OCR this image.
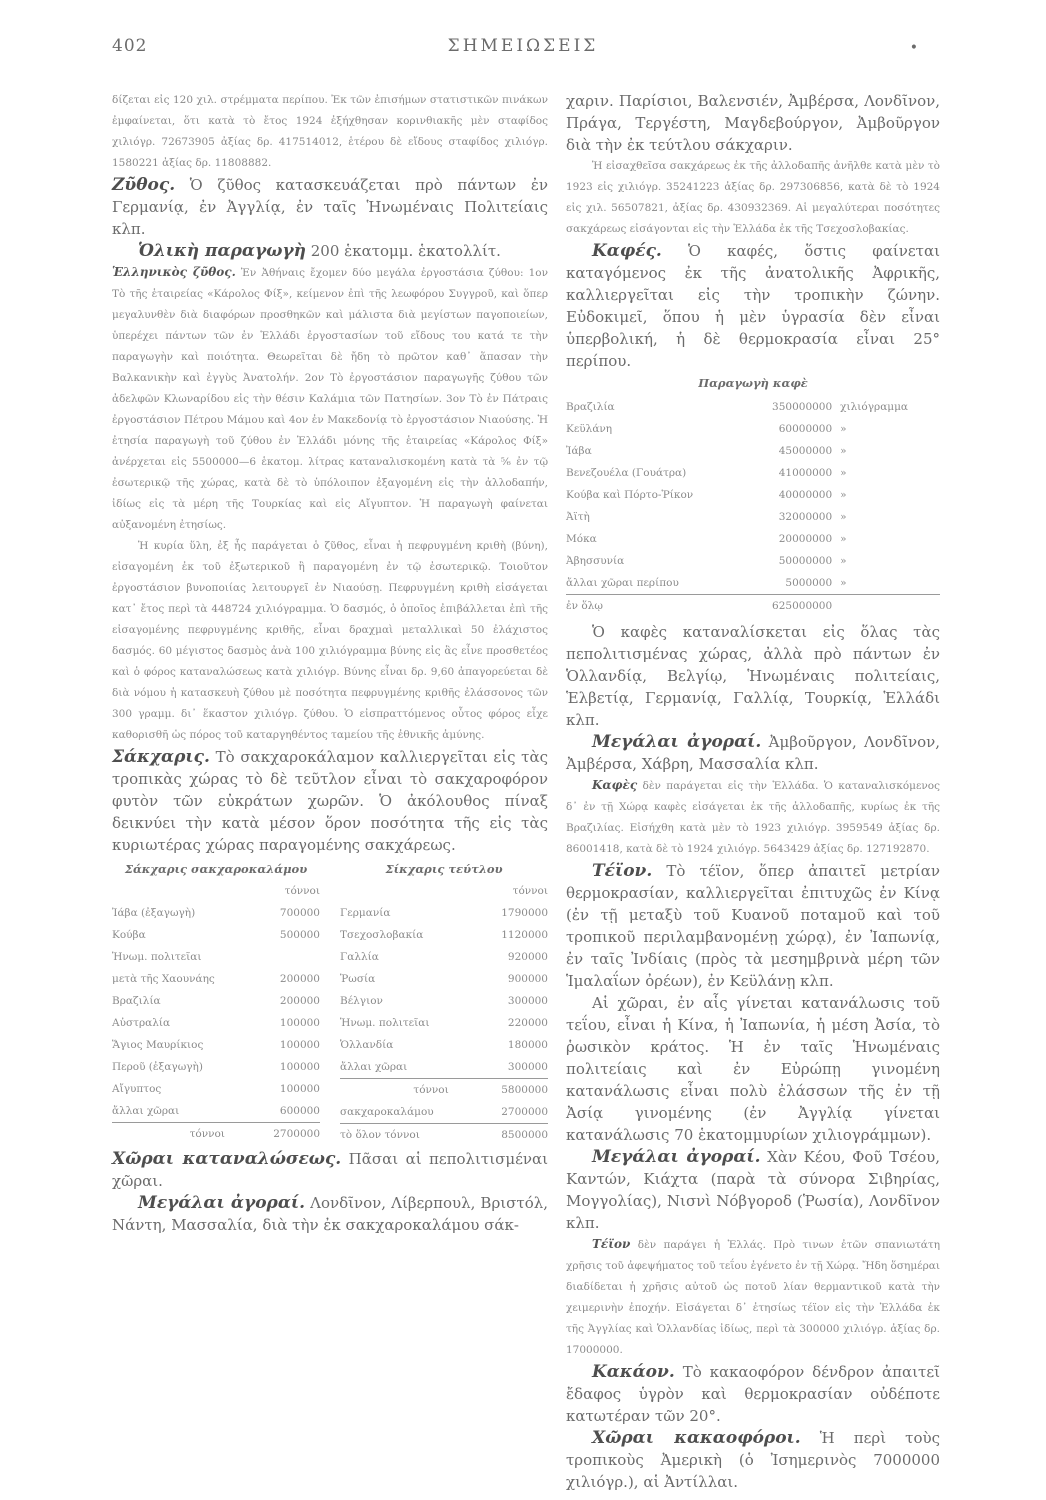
402	ΣΗΜΕΙΩΣΕΙΣ	•

δίζεται εἰς 120 χιλ. στρέμματα περίπου. Ἐκ τῶν ἐπισήμων στατιστικῶν πινάκων ἐμφαίνεται, ὅτι κατὰ τὸ ἔτος 1924 ἐξήχθησαν κορινθιακῆς μὲν σταφίδος χιλιόγρ. 72673905 ἀξίας δρ. 417514012, ἑτέρου δὲ εἴδους σταφίδος χιλιόγρ. 1580221 ἀξίας δρ. 11808882.

Ζῦθος. Ὁ ζῦθος κατασκευάζεται πρὸ πάντων ἐν Γερμανίᾳ, ἐν Ἀγγλίᾳ, ἐν ταῖς Ἡνωμέναις Πολιτείαις κλπ.

Ὁλικὴ παραγωγὴ 200 ἑκατομμ. ἑκατολλίτ.

Ἑλληνικὸς ζῦθος. Ἐν Ἀθήναις ἔχομεν δύο μεγάλα ἐργοστάσια ζύθου: 1ον Τὸ τῆς ἑταιρείας «Κάρολος Φίξ», κείμενον ἐπὶ τῆς λεωφόρου Συγγροῦ, καὶ ὅπερ μεγαλυνθὲν διὰ διαφόρων προσθηκῶν καὶ μάλιστα διὰ μεγίστων παγοποιείων, ὑπερέχει πάντων τῶν ἐν Ἑλλάδι ἐργοστασίων τοῦ εἴδους του κατά τε τὴν παραγωγὴν καὶ ποιότητα. Θεωρεῖται δὲ ἤδη τὸ πρῶτον καθ᾿ ἅπασαν τὴν Βαλκανικὴν καὶ ἐγγὺς Ἀνατολήν. 2ον Τὸ ἐργοστάσιον παραγωγῆς ζύθου τῶν ἀδελφῶν Κλωναρίδου εἰς τὴν θέσιν Καλάμια τῶν Πατησίων. 3ον Τὸ ἐν Πάτραις ἐργοστάσιον Πέτρου Μάμου καὶ 4ον ἐν Μακεδονίᾳ τὸ ἐργοστάσιον Νιαούσης. Ἡ ἐτησία παραγωγὴ τοῦ ζύθου ἐν Ἑλλάδι μόνης τῆς ἑταιρείας «Κάρολος Φίξ» ἀνέρχεται εἰς 5500000—6 ἑκατομ. λίτρας καταναλισκομένη κατὰ τὰ ⁵⁄₆ ἐν τῷ ἐσωτερικῷ τῆς χώρας, κατὰ δὲ τὸ ὑπόλοιπον ἐξαγομένη εἰς τὴν ἀλλοδαπήν, ἰδίως εἰς τὰ μέρη τῆς Τουρκίας καὶ εἰς Αἴγυπτον. Ἡ παραγωγὴ φαίνεται αὐξανομένη ἐτησίως.

Ἡ κυρία ὕλη, ἐξ ἧς παράγεται ὁ ζῦθος, εἶναι ἡ πεφρυγμένη κριθὴ (βύνη), εἰσαγομένη ἐκ τοῦ ἐξωτερικοῦ ἢ παραγομένη ἐν τῷ ἐσωτερικῷ. Τοιοῦτον ἐργοστάσιον βυνοποιίας λειτουργεῖ ἐν Νιαούσῃ. Πεφρυγμένη κριθὴ εἰσάγεται κατ᾿ ἔτος περὶ τὰ 448724 χιλιόγραμμα. Ὁ δασμός, ὁ ὁποῖος ἐπιβάλλεται ἐπὶ τῆς εἰσαγομένης πεφρυγμένης κριθῆς, εἶναι δραχμαὶ μεταλλικαὶ 50 ἐλάχιστος δασμός. 60 μέγιστος δασμὸς ἀνὰ 100 χιλιόγραμμα βύνης εἰς ἃς εἶνε προσθετέος καὶ ὁ φόρος καταναλώσεως κατὰ χιλιόγρ. Βύνης εἶναι δρ. 9,60 ἀπαγορεύεται δὲ διὰ νόμου ἡ κατασκευὴ ζύθου μὲ ποσότητα πεφρυγμένης κριθῆς ἐλάσσονος τῶν 300 γραμμ. δι᾿ ἕκαστον χιλιόγρ. ζύθου. Ὁ εἰσπραττόμενος οὗτος φόρος εἶχε καθορισθῆ ὡς πόρος τοῦ καταργηθέντος ταμείου τῆς ἐθνικῆς ἀμύνης.

Σάκχαρις. Τὸ σακχαροκάλαμον καλλιεργεῖται εἰς τὰς τροπικὰς χώρας τὸ δὲ τεῦτλον εἶναι τὸ σακχαροφόρον φυτὸν τῶν εὐκράτων χωρῶν. Ὁ ἀκόλουθος πίναξ δεικνύει τὴν κατὰ μέσον ὅρον ποσότητα τῆς εἰς τὰς κυριωτέρας χώρας παραγομένης σακχάρεως.

Σάκχαρις σακχαροκαλάμου
	τόννοι
Ἰάβα (ἐξαγωγὴ)	700000
Κούβα	500000
Ἡνωμ. πολιτεῖαι	
μετὰ τῆς Χαουνάης	200000
Βραζιλία	200000
Αὐστραλία	100000
Ἅγιος Μαυρίκιος	100000
Περοῦ (ἐξαγωγὴ)	100000
Αἴγυπτος	100000
ἄλλαι χῶραι	600000
τόννοι	2700000
Σίκχαρις τεύτλου
	τόννοι
Γερμανία	1790000
Τσεχοσλοβακία	1120000
Γαλλία	920000
Ῥωσία	900000
Βέλγιον	300000
Ἡνωμ. πολιτεῖαι	220000
Ὁλλανδία	180000
ἄλλαι χῶραι	300000
τόννοι	5800000
σακχαροκαλάμου	2700000
τὸ ὅλον τόννοι	8500000

Χῶραι καταναλώσεως. Πᾶσαι αἱ πεπολιτισμέναι χῶραι.

Μεγάλαι ἀγοραί. Λονδῖνον, Λίβερπουλ, Βριστόλ, Νάντη, Μασσαλία, διὰ τὴν ἐκ σακχαροκαλάμου σάκ-

χαριν. Παρίσιοι, Βαλενσιέν, Ἀμβέρσα, Λονδῖνον, Πράγα, Τεργέστη, Μαγδεβούργον, Ἀμβοῦργον διὰ τὴν ἐκ τεύτλου σάκχαριν.

Ἡ εἰσαχθεῖσα σακχάρεως ἐκ τῆς ἀλλοδαπῆς ἀνῆλθε κατὰ μὲν τὸ 1923 εἰς χιλιόγρ. 35241223 ἀξίας δρ. 297306856, κατὰ δὲ τὸ 1924 εἰς χιλ. 56507821, ἀξίας δρ. 430932369. Αἱ μεγαλύτεραι ποσότητες σακχάρεως εἰσάγονται εἰς τὴν Ἑλλάδα ἐκ τῆς Τσεχοσλοβακίας.

Καφές. Ὁ καφές, ὅστις φαίνεται καταγόμενος ἐκ τῆς ἀνατολικῆς Ἀφρικῆς, καλλιεργεῖται εἰς τὴν τροπικὴν ζώνην. Εὐδοκιμεῖ, ὅπου ἡ μὲν ὑγρασία δὲν εἶναι ὑπερβολική, ἡ δὲ θερμοκρασία εἶναι 25° περίπου.

Παραγωγὴ καφὲ
Βραζιλία	350000000	χιλιόγραμμα
Κεϋλάνη	60000000	»
Ἰάβα	45000000	»
Βενεζουέλα (Γουάτρα)	41000000	»
Κούβα καὶ Πόρτο-Ῥίκον	40000000	»
Ἀϊτὴ	32000000	»
Μόκα	20000000	»
Ἀβησσυνία	50000000	»
ἄλλαι χῶραι περίπου	5000000	»
ἐν ὅλῳ	625000000	

Ὁ καφὲς καταναλίσκεται εἰς ὅλας τὰς πεπολιτισμένας χώρας, ἀλλὰ πρὸ πάντων ἐν Ὁλλανδίᾳ, Βελγίῳ, Ἡνωμέναις πολιτείαις, Ἑλβετίᾳ, Γερμανίᾳ, Γαλλίᾳ, Τουρκίᾳ, Ἑλλάδι κλπ.

Μεγάλαι ἀγοραί. Ἀμβοῦργον, Λονδῖνον, Ἀμβέρσα, Χάβρη, Μασσαλία κλπ.

Καφὲς δὲν παράγεται εἰς τὴν Ἑλλάδα. Ὁ καταναλισκόμενος δ᾿ ἐν τῇ Χώρᾳ καφὲς εἰσάγεται ἐκ τῆς ἀλλοδαπῆς, κυρίως ἐκ τῆς Βραζιλίας. Εἰσήχθη κατὰ μὲν τὸ 1923 χιλιόγρ. 3959549 ἀξίας δρ. 86001418, κατὰ δὲ τὸ 1924 χιλιόγρ. 5643429 ἀξίας δρ. 127192870.

Τέϊον. Τὸ τέϊον, ὅπερ ἀπαιτεῖ μετρίαν θερμοκρασίαν, καλλιεργεῖται ἐπιτυχῶς ἐν Κίνᾳ (ἐν τῇ μεταξὺ τοῦ Κυανοῦ ποταμοῦ καὶ τοῦ τροπικοῦ περιλαμβανομένῃ χώρᾳ), ἐν Ἰαπωνίᾳ, ἐν ταῖς Ἰνδίαις (πρὸς τὰ μεσημβρινὰ μέρη τῶν Ἱμαλαΐων ὀρέων), ἐν Κεϋλάνῃ κλπ.

Αἱ χῶραι, ἐν αἷς γίνεται κατανάλωσις τοῦ τεΐου, εἶναι ἡ Κίνα, ἡ Ἰαπωνία, ἡ μέση Ἀσία, τὸ ῥωσικὸν κράτος. Ἡ ἐν ταῖς Ἡνωμέναις πολιτείαις καὶ ἐν Εὐρώπῃ γινομένη κατανάλωσις εἶναι πολὺ ἐλάσσων τῆς ἐν τῇ Ἀσίᾳ γινομένης (ἐν Ἀγγλίᾳ γίνεται κατανάλωσις 70 ἑκατομμυρίων χιλιογράμμων).

Μεγάλαι ἀγοραί. Χὰν Κέου, Φοῦ Τσέου, Καντών, Κιάχτα (παρὰ τὰ σύνορα Σιβηρίας, Μογγολίας), Νισνὶ Νόβγοροδ (Ῥωσία), Λονδῖνον κλπ.

Τέϊον δὲν παράγει ἡ Ἑλλάς. Πρὸ τινων ἐτῶν σπανιωτάτη χρῆσις τοῦ ἀφεψήματος τοῦ τεΐου ἐγένετο ἐν τῇ Χώρᾳ. Ἤδη ὅσημέραι διαδίδεται ἡ χρῆσις αὐτοῦ ὡς ποτοῦ λίαν θερμαντικοῦ κατὰ τὴν χειμερινὴν ἐποχήν. Εἰσάγεται δ᾿ ἐτησίως τέϊον εἰς τὴν Ἑλλάδα ἐκ τῆς Ἀγγλίας καὶ Ὁλλανδίας ἰδίως, περὶ τὰ 300000 χιλιόγρ. ἀξίας δρ. 17000000.

Κακάον. Τὸ κακαοφόρον δένδρον ἀπαιτεῖ ἔδαφος ὑγρὸν καὶ θερμοκρασίαν οὐδέποτε κατωτέραν τῶν 20°.

Χῶραι κακαοφόροι. Ἡ περὶ τοὺς τροπικοὺς Ἀμερικὴ (ὁ Ἰσημερινὸς 7000000 χιλιόγρ.), αἱ Ἀντίλλαι.
